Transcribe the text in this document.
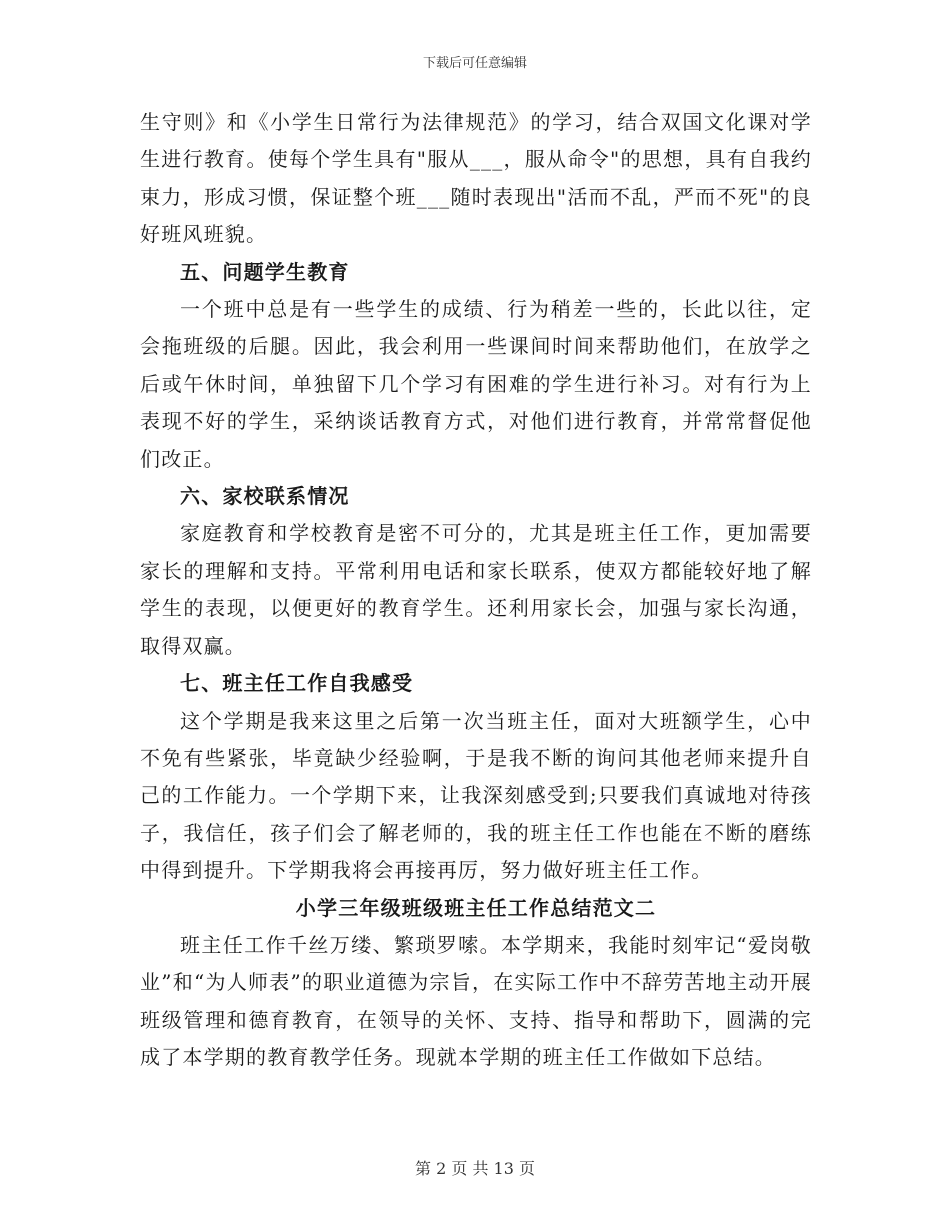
下载后可任意编辑

生守则》和《小学生日常行为法律规范》的学习，结合双国文化课对学生进行教育。使每个学生具有"服从___，服从命令"的思想，具有自我约束力，形成习惯，保证整个班___随时表现出"活而不乱，严而不死"的良好班风班貌。

五、问题学生教育

一个班中总是有一些学生的成绩、行为稍差一些的，长此以往，定会拖班级的后腿。因此，我会利用一些课间时间来帮助他们，在放学之后或午休时间，单独留下几个学习有困难的学生进行补习。对有行为上表现不好的学生，采纳谈话教育方式，对他们进行教育，并常常督促他们改正。

六、家校联系情况

家庭教育和学校教育是密不可分的，尤其是班主任工作，更加需要家长的理解和支持。平常利用电话和家长联系，使双方都能较好地了解学生的表现，以便更好的教育学生。还利用家长会，加强与家长沟通，取得双赢。

七、班主任工作自我感受

这个学期是我来这里之后第一次当班主任，面对大班额学生，心中不免有些紧张，毕竟缺少经验啊，于是我不断的询问其他老师来提升自己的工作能力。一个学期下来，让我深刻感受到;只要我们真诚地对待孩子，我信任，孩子们会了解老师的，我的班主任工作也能在不断的磨练中得到提升。下学期我将会再接再厉，努力做好班主任工作。

小学三年级班级班主任工作总结范文二

班主任工作千丝万缕、繁琐罗嗦。本学期来，我能时刻牢记“爱岗敬业”和“为人师表”的职业道德为宗旨，在实际工作中不辞劳苦地主动开展班级管理和德育教育，在领导的关怀、支持、指导和帮助下，圆满的完成了本学期的教育教学任务。现就本学期的班主任工作做如下总结。

第 2 页 共 13 页
